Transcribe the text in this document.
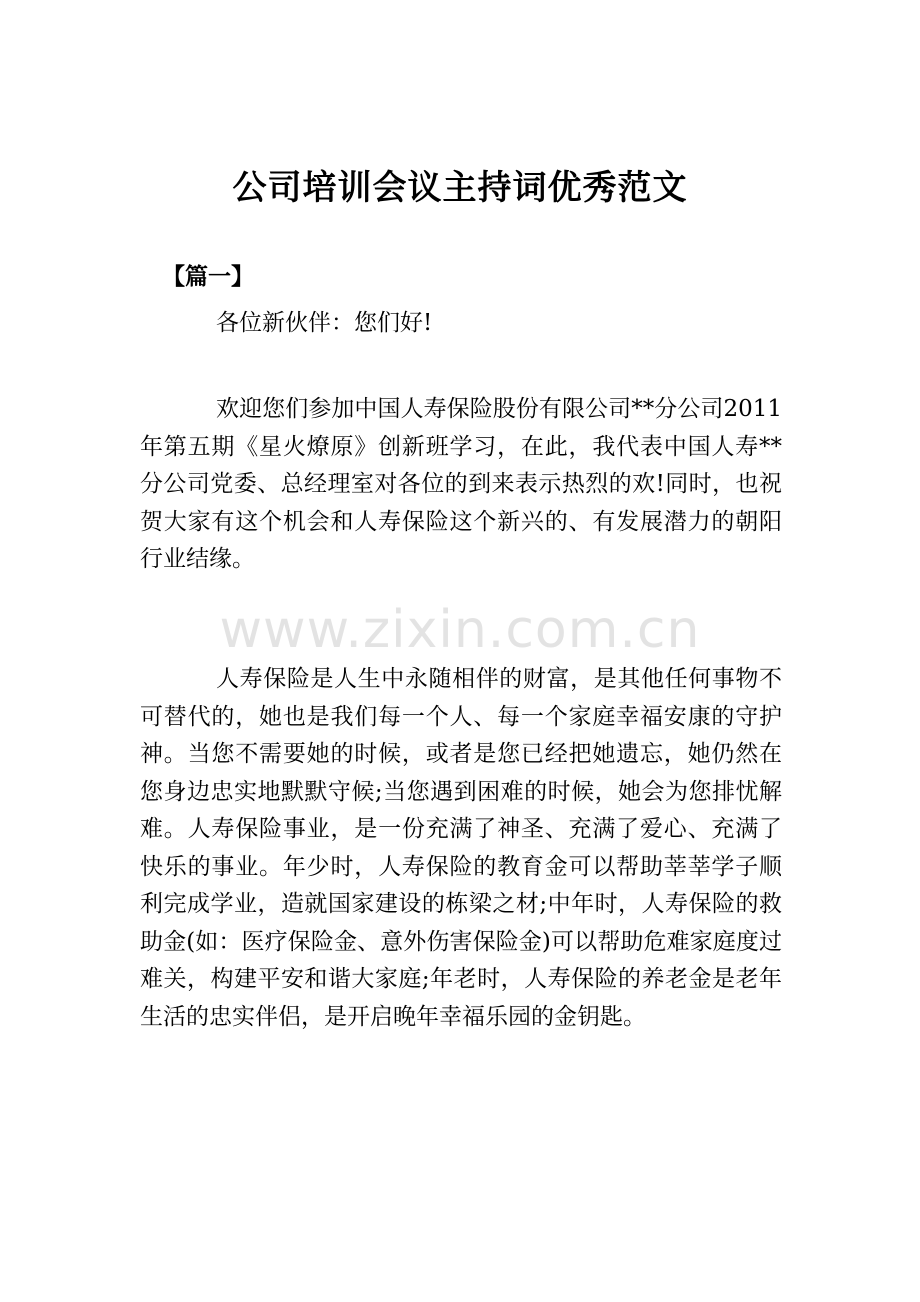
公司培训会议主持词优秀范文

【篇一】

各位新伙伴：您们好!

欢迎您们参加中国人寿保险股份有限公司**分公司2011年第五期《星火燎原》创新班学习，在此，我代表中国人寿**分公司党委、总经理室对各位的到来表示热烈的欢!同时，也祝贺大家有这个机会和人寿保险这个新兴的、有发展潜力的朝阳行业结缘。

www.zixin.com.cn

人寿保险是人生中永随相伴的财富，是其他任何事物不可替代的，她也是我们每一个人、每一个家庭幸福安康的守护神。当您不需要她的时候，或者是您已经把她遗忘，她仍然在您身边忠实地默默守候;当您遇到困难的时候，她会为您排忧解难。人寿保险事业，是一份充满了神圣、充满了爱心、充满了快乐的事业。年少时，人寿保险的教育金可以帮助莘莘学子顺利完成学业，造就国家建设的栋梁之材;中年时，人寿保险的救助金(如：医疗保险金、意外伤害保险金)可以帮助危难家庭度过难关，构建平安和谐大家庭;年老时，人寿保险的养老金是老年生活的忠实伴侣，是开启晚年幸福乐园的金钥匙。
